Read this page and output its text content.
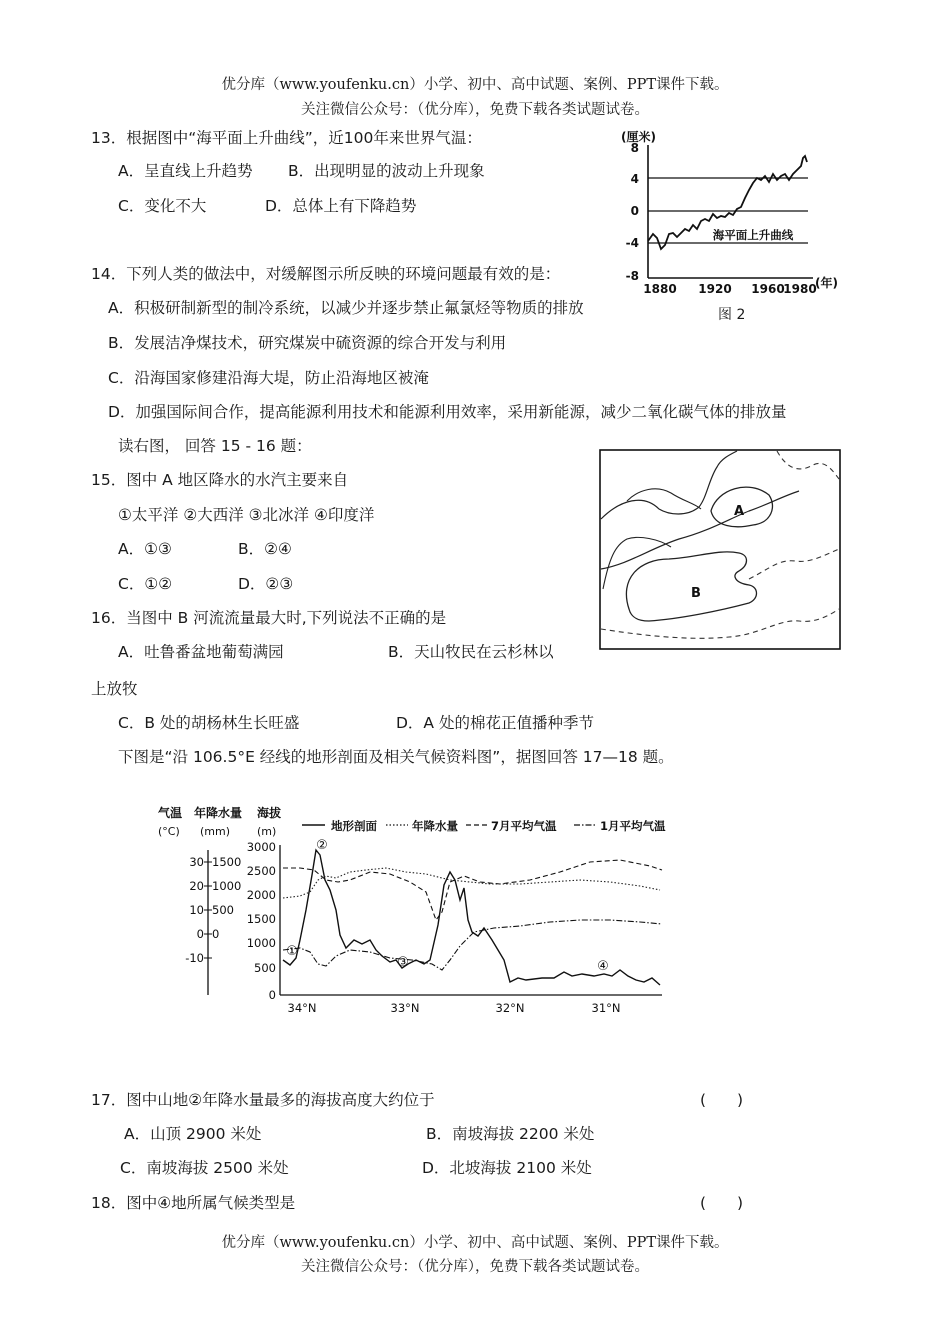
优分库（www.youfenku.cn）小学、初中、高中试题、案例、PPT课件下载。
关注微信公众号：（优分库），免费下载各类试题试卷。
13．根据图中“海平面上升曲线”，近100年来世界气温：
A．呈直线上升趋势 B．出现明显的波动上升现象
C．变化不大	D．总体上有下降趋势
(厘米)
8
4
0
-4
-8
1880 1920 1960
1980
(年)
海平面上升曲线
图 2
14．下列人类的做法中，对缓解图示所反映的环境问题最有效的是：
A．积极研制新型的制冷系统，以减少并逐步禁止氟氯烃等物质的排放
B．发展洁净煤技术，研究煤炭中硫资源的综合开发与利用
C．沿海国家修建沿海大堤，防止沿海地区被淹
D．加强国际间合作，提高能源利用技术和能源利用效率，采用新能源，减少二氧化碳气体的排放量
读右图， 回答 15 - 16 题：
A
B
15．图中 A 地区降水的水汽主要来自
①太平洋 ②大西洋 ③北冰洋 ④印度洋
A．①③	B．②④
C．①②	D．②③
16．当图中 B 河流流量最大时,下列说法不正确的是
A．吐鲁番盆地葡萄满园	B．天山牧民在云杉林以
上放牧
C．B 处的胡杨林生长旺盛	D．A 处的棉花正值播种季节
下图是“沿 106.5°E 经线的地形剖面及相关气候资料图”，据图回答 17—18 题。
气温 年降水量 海拔
(°C) (mm) (m)	地形剖面	年降水量	7月平均气温	1月平均气温
30
20
10
0
-10
1500
1000
500
0
3000
2500
2000
1500
1000
500
0
34°N	33°N	32°N	31°N
①
②
③	④
17．图中山地②年降水量最多的海拔高度大约位于	(　　)
A．山顶 2900 米处	B．南坡海拔 2200 米处
C．南坡海拔 2500 米处	D．北坡海拔 2100 米处
18．图中④地所属气候类型是	(　　)
优分库（www.youfenku.cn）小学、初中、高中试题、案例、PPT课件下载。
关注微信公众号：（优分库），免费下载各类试题试卷。
